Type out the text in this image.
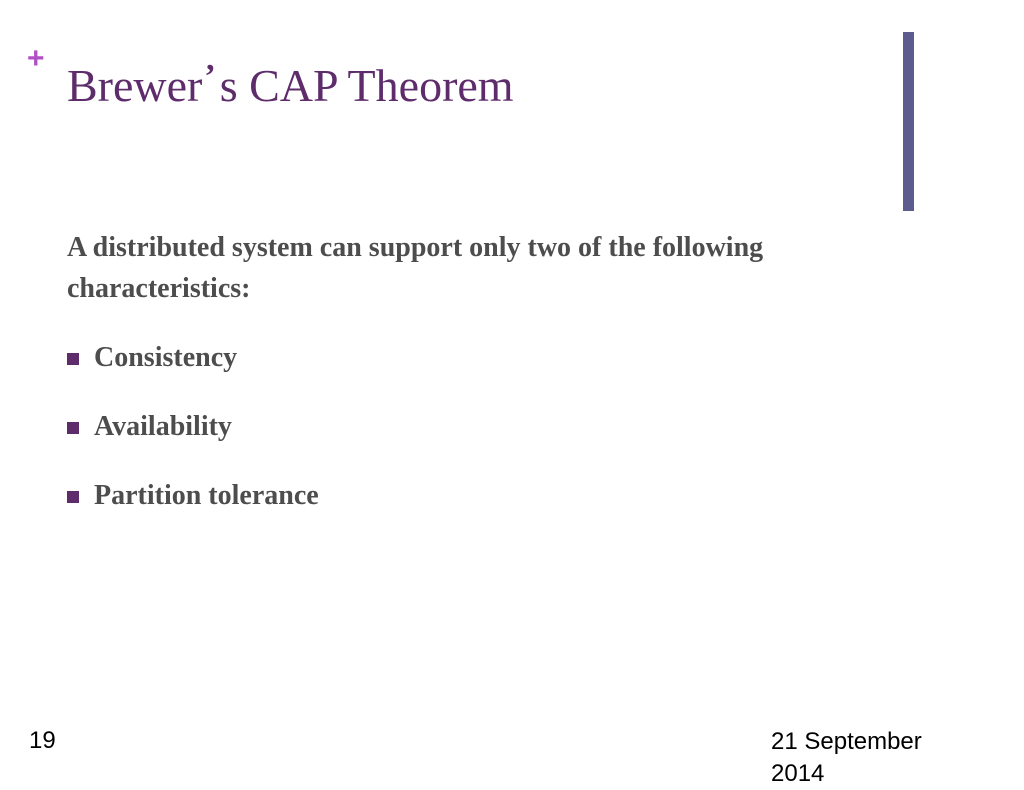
+
Brewer’s CAP Theorem

A distributed system can support only two of the following characteristics:

Consistency
Availability
Partition tolerance
19	21 September 2014
